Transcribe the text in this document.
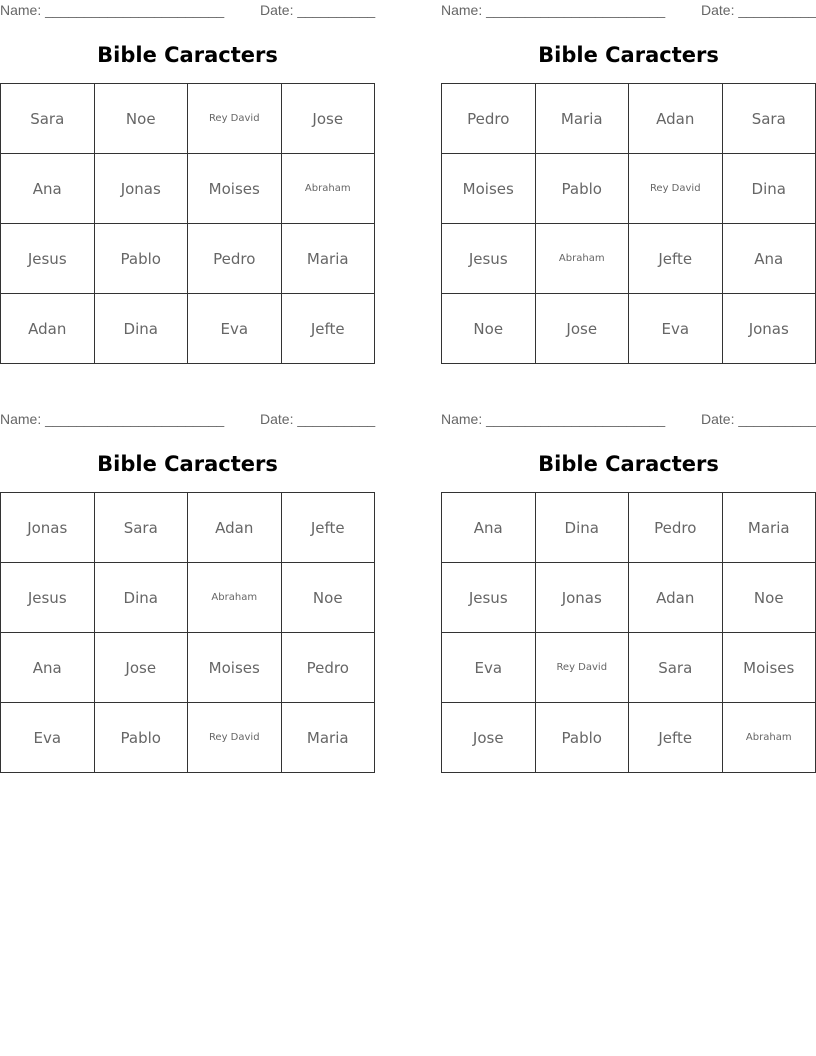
Name: _______________________	Date: __________
Bible Caracters
Sara	Noe	Rey David	Jose
Ana	Jonas	Moises	Abraham
Jesus	Pablo	Pedro	Maria
Adan	Dina	Eva	Jefte
Name: _______________________	Date: __________
Bible Caracters
Pedro	Maria	Adan	Sara
Moises	Pablo	Rey David	Dina
Jesus	Abraham	Jefte	Ana
Noe	Jose	Eva	Jonas
Name: _______________________	Date: __________
Bible Caracters
Jonas	Sara	Adan	Jefte
Jesus	Dina	Abraham	Noe
Ana	Jose	Moises	Pedro
Eva	Pablo	Rey David	Maria
Name: _______________________	Date: __________
Bible Caracters
Ana	Dina	Pedro	Maria
Jesus	Jonas	Adan	Noe
Eva	Rey David	Sara	Moises
Jose	Pablo	Jefte	Abraham
